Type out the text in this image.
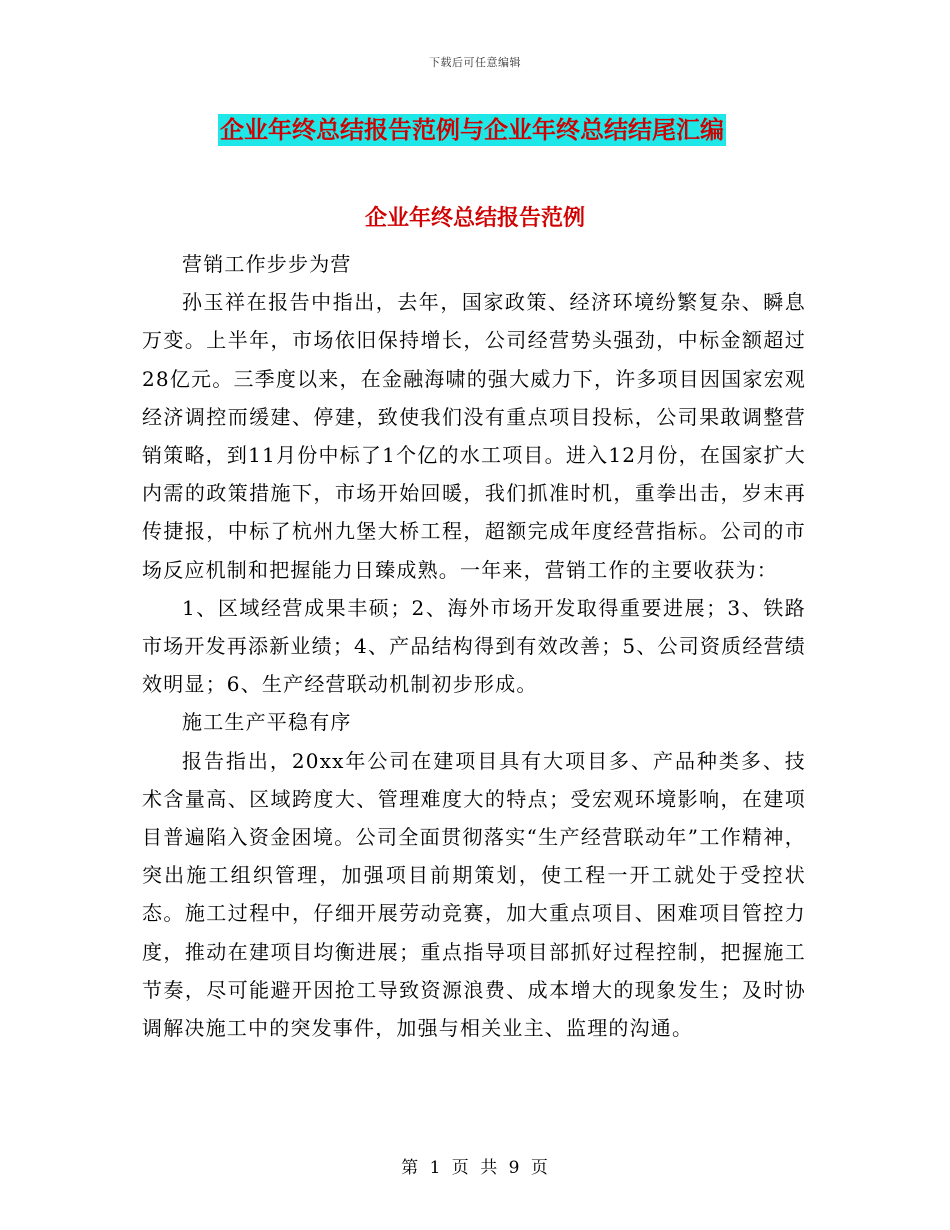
下载后可任意编辑
企业年终总结报告范例与企业年终总结结尾汇编
企业年终总结报告范例

营销工作步步为营

孙玉祥在报告中指出，去年，国家政策、经济环境纷繁复杂、瞬息万变。上半年，市场依旧保持增长，公司经营势头强劲，中标金额超过28亿元。三季度以来，在金融海啸的强大威力下，许多项目因国家宏观经济调控而缓建、停建，致使我们没有重点项目投标，公司果敢调整营销策略，到11月份中标了1个亿的水工项目。进入12月份，在国家扩大内需的政策措施下，市场开始回暖，我们抓准时机，重拳出击，岁末再传捷报，中标了杭州九堡大桥工程，超额完成年度经营指标。公司的市场反应机制和把握能力日臻成熟。一年来，营销工作的主要收获为：

1、区域经营成果丰硕；2、海外市场开发取得重要进展；3、铁路市场开发再添新业绩；4、产品结构得到有效改善；5、公司资质经营绩效明显；6、生产经营联动机制初步形成。

施工生产平稳有序

报告指出，20xx年公司在建项目具有大项目多、产品种类多、技术含量高、区域跨度大、管理难度大的特点；受宏观环境影响，在建项目普遍陷入资金困境。公司全面贯彻落实“生产经营联动年”工作精神，突出施工组织管理，加强项目前期策划，使工程一开工就处于受控状态。施工过程中，仔细开展劳动竞赛，加大重点项目、困难项目管控力度，推动在建项目均衡进展；重点指导项目部抓好过程控制，把握施工节奏，尽可能避开因抢工导致资源浪费、成本增大的现象发生；及时协调解决施工中的突发事件，加强与相关业主、监理的沟通。

第 1 页 共 9 页
